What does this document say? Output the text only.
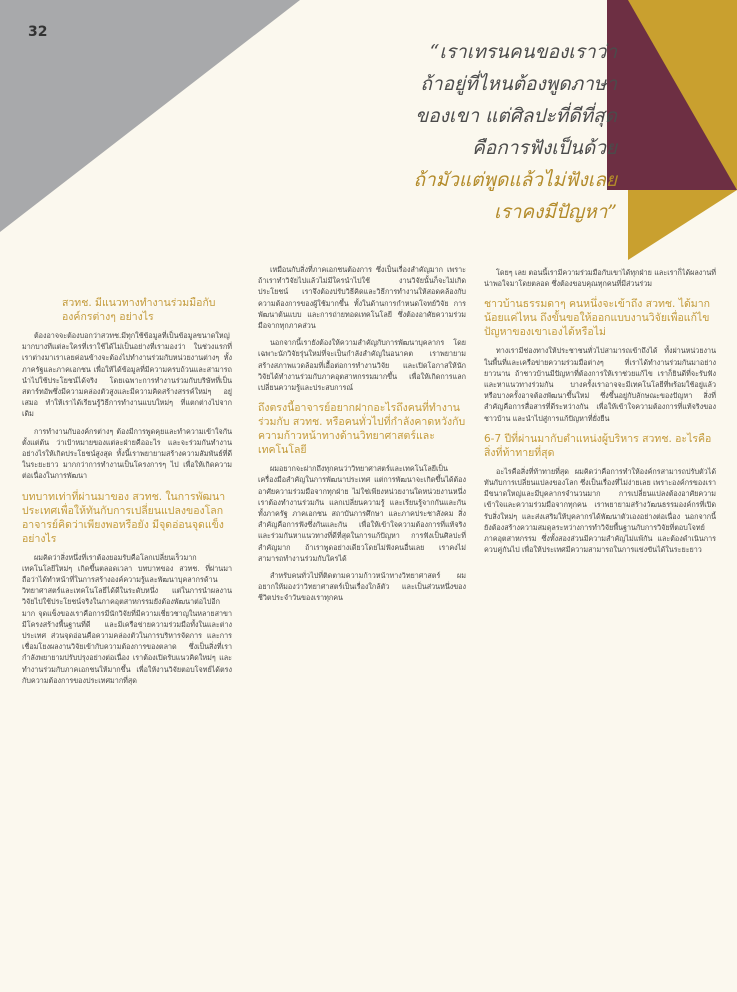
32
“เราเทรนคนของเราว่า
ถ้าอยู่ที่ไหนต้องพูดภาษา
ของเขา แต่ศิลปะที่ดีที่สุด
คือการฟังเป็นด้วย
ถ้ามัวแต่พูดแล้วไม่ฟังเลย
เราคงมีปัญหา”
สวทช. มีแนวทางทำงานร่วมมือกับองค์กรต่างๆ อย่างไร

ต้องอาจจะต้องบอกว่าสวทช.มีทุกใช้ข้อมูลที่เป็นข้อมูลขนาดใหญ่มากบางทีแต่ละใครที่เราใช้ได้ไม่เป็นอย่างที่เรามองว่า ในช่วงแรกที่เราต่างมาเราเลยค่อนข้างจะต้องไปทำงานร่วมกับหน่วยงานต่างๆ ทั้งภาครัฐและภาคเอกชน เพื่อให้ได้ข้อมูลที่มีความครบถ้วนและสามารถนำไปใช้ประโยชน์ได้จริง โดยเฉพาะการทำงานร่วมกับบริษัทที่เป็นสตาร์ทอัพซึ่งมีความคล่องตัวสูงและมีความคิดสร้างสรรค์ใหม่ๆ อยู่เสมอ ทำให้เราได้เรียนรู้วิธีการทำงานแบบใหม่ๆ ที่แตกต่างไปจากเดิม

การทำงานกับองค์กรต่างๆ ต้องมีการพูดคุยและทำความเข้าใจกันตั้งแต่ต้น ว่าเป้าหมายของแต่ละฝ่ายคืออะไร และจะร่วมกันทำงานอย่างไรให้เกิดประโยชน์สูงสุด ทั้งนี้เราพยายามสร้างความสัมพันธ์ที่ดีในระยะยาว มากกว่าการทำงานเป็นโครงการๆ ไป เพื่อให้เกิดความต่อเนื่องในการพัฒนา

บทบาทเท่าที่ผ่านมาของ สวทช. ในการพัฒนาประเทศเพื่อให้ทันกับการเปลี่ยนแปลงของโลกอาจารย์คิดว่าเพียงพอหรือยัง มีจุดอ่อนจุดแข็งอย่างไร

ผมคิดว่าสิ่งหนึ่งที่เราต้องยอมรับคือโลกเปลี่ยนเร็วมาก เทคโนโลยีใหม่ๆ เกิดขึ้นตลอดเวลา บทบาทของ สวทช. ที่ผ่านมาถือว่าได้ทำหน้าที่ในการสร้างองค์ความรู้และพัฒนาบุคลากรด้านวิทยาศาสตร์และเทคโนโลยีได้ดีในระดับหนึ่ง แต่ในการนำผลงานวิจัยไปใช้ประโยชน์จริงในภาคอุตสาหกรรมยังต้องพัฒนาต่อไปอีกมาก จุดแข็งของเราคือการมีนักวิจัยที่มีความเชี่ยวชาญในหลายสาขา มีโครงสร้างพื้นฐานที่ดี และมีเครือข่ายความร่วมมือทั้งในและต่างประเทศ ส่วนจุดอ่อนคือความคล่องตัวในการบริหารจัดการ และการเชื่อมโยงผลงานวิจัยเข้ากับความต้องการของตลาด ซึ่งเป็นสิ่งที่เรากำลังพยายามปรับปรุงอย่างต่อเนื่อง เราต้องเปิดรับแนวคิดใหม่ๆ และทำงานร่วมกับภาคเอกชนให้มากขึ้น เพื่อให้งานวิจัยตอบโจทย์ได้ตรงกับความต้องการของประเทศมากที่สุด

เหมือนกับสิ่งที่ภาคเอกชนต้องการ ซึ่งเป็นเรื่องสำคัญมาก เพราะถ้าเราทำวิจัยไปแล้วไม่มีใครนำไปใช้ งานวิจัยนั้นก็จะไม่เกิดประโยชน์ เราจึงต้องปรับวิธีคิดและวิธีการทำงานให้สอดคล้องกับความต้องการของผู้ใช้มากขึ้น ทั้งในด้านการกำหนดโจทย์วิจัย การพัฒนาต้นแบบ และการถ่ายทอดเทคโนโลยี ซึ่งต้องอาศัยความร่วมมือจากทุกภาคส่วน

นอกจากนี้เรายังต้องให้ความสำคัญกับการพัฒนาบุคลากร โดยเฉพาะนักวิจัยรุ่นใหม่ที่จะเป็นกำลังสำคัญในอนาคต เราพยายามสร้างสภาพแวดล้อมที่เอื้อต่อการทำงานวิจัย และเปิดโอกาสให้นักวิจัยได้ทำงานร่วมกับภาคอุตสาหกรรมมากขึ้น เพื่อให้เกิดการแลกเปลี่ยนความรู้และประสบการณ์

ถึงตรงนี้อาจารย์อยากฝากอะไรถึงคนที่ทำงานร่วมกับ สวทช. หรือคนทั่วไปที่กำลังคาดหวังกับความก้าวหน้าทางด้านวิทยาศาสตร์และเทคโนโลยี

ผมอยากจะฝากถึงทุกคนว่าวิทยาศาสตร์และเทคโนโลยีเป็นเครื่องมือสำคัญในการพัฒนาประเทศ แต่การพัฒนาจะเกิดขึ้นได้ต้องอาศัยความร่วมมือจากทุกฝ่าย ไม่ใช่เพียงหน่วยงานใดหน่วยงานหนึ่ง เราต้องทำงานร่วมกัน แลกเปลี่ยนความรู้ และเรียนรู้จากกันและกัน ทั้งภาครัฐ ภาคเอกชน สถาบันการศึกษา และภาคประชาสังคม สิ่งสำคัญคือการฟังซึ่งกันและกัน เพื่อให้เข้าใจความต้องการที่แท้จริง และร่วมกันหาแนวทางที่ดีที่สุดในการแก้ปัญหา การฟังเป็นศิลปะที่สำคัญมาก ถ้าเราพูดอย่างเดียวโดยไม่ฟังคนอื่นเลย เราคงไม่สามารถทำงานร่วมกับใครได้

สำหรับคนทั่วไปที่ติดตามความก้าวหน้าทางวิทยาศาสตร์ ผมอยากให้มองว่าวิทยาศาสตร์เป็นเรื่องใกล้ตัว และเป็นส่วนหนึ่งของชีวิตประจำวันของเราทุกคน

โดยๆ เลย ตอนนี้เรามีความร่วมมือกับเขาได้ทุกฝ่าย และเราก็ได้ผลงานที่น่าพอใจมาโดยตลอด ซึ่งต้องขอบคุณทุกคนที่มีส่วนร่วม

ชาวบ้านธรรมดาๆ คนหนึ่งจะเข้าถึง สวทช. ได้มากน้อยแค่ไหน ถึงขั้นขอให้ออกแบบงานวิจัยเพื่อแก้ไขปัญหาของเขาเองได้หรือไม่

ทางเรามีช่องทางให้ประชาชนทั่วไปสามารถเข้าถึงได้ ทั้งผ่านหน่วยงานในพื้นที่และเครือข่ายความร่วมมือต่างๆ ที่เราได้ทำงานร่วมกันมาอย่างยาวนาน ถ้าชาวบ้านมีปัญหาที่ต้องการให้เราช่วยแก้ไข เราก็ยินดีที่จะรับฟังและหาแนวทางร่วมกัน บางครั้งเราอาจจะมีเทคโนโลยีที่พร้อมใช้อยู่แล้ว หรือบางครั้งอาจต้องพัฒนาขึ้นใหม่ ซึ่งขึ้นอยู่กับลักษณะของปัญหา สิ่งที่สำคัญคือการสื่อสารที่ดีระหว่างกัน เพื่อให้เข้าใจความต้องการที่แท้จริงของชาวบ้าน และนำไปสู่การแก้ปัญหาที่ยั่งยืน

6-7 ปีที่ผ่านมากับตำแหน่งผู้บริหาร สวทช. อะไรคือสิ่งที่ท้าทายที่สุด

อะไรคือสิ่งที่ท้าทายที่สุด ผมคิดว่าคือการทำให้องค์กรสามารถปรับตัวได้ทันกับการเปลี่ยนแปลงของโลก ซึ่งเป็นเรื่องที่ไม่ง่ายเลย เพราะองค์กรของเรามีขนาดใหญ่และมีบุคลากรจำนวนมาก การเปลี่ยนแปลงต้องอาศัยความเข้าใจและความร่วมมือจากทุกคน เราพยายามสร้างวัฒนธรรมองค์กรที่เปิดรับสิ่งใหม่ๆ และส่งเสริมให้บุคลากรได้พัฒนาตัวเองอย่างต่อเนื่อง นอกจากนี้ยังต้องสร้างความสมดุลระหว่างการทำวิจัยพื้นฐานกับการวิจัยที่ตอบโจทย์ภาคอุตสาหกรรม ซึ่งทั้งสองส่วนมีความสำคัญไม่แพ้กัน และต้องดำเนินการควบคู่กันไป เพื่อให้ประเทศมีความสามารถในการแข่งขันได้ในระยะยาว
